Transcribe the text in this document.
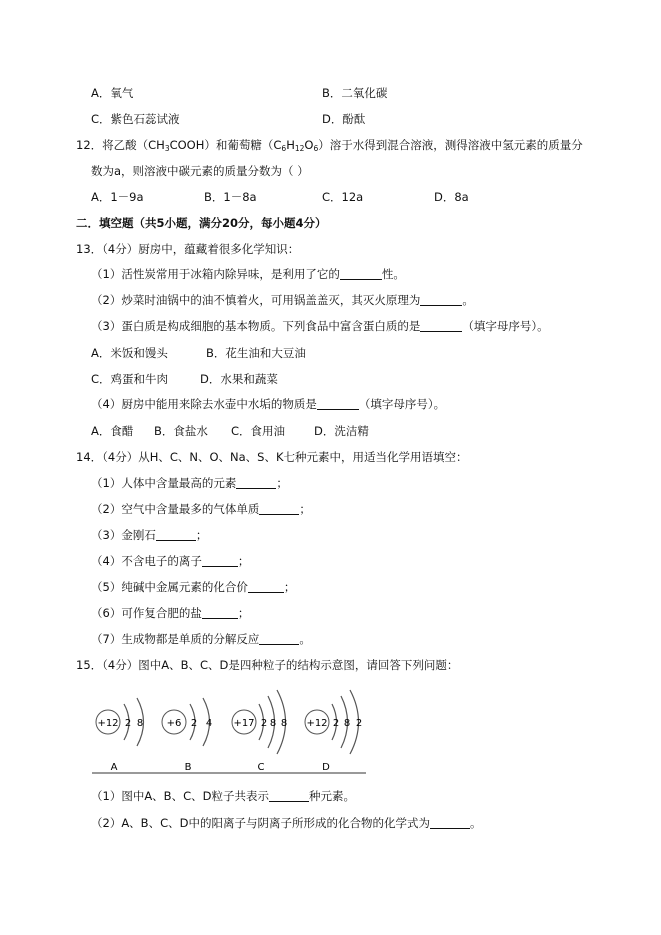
A．氧气	B．二氧化碳
C．紫色石蕊试液	D．酚酞
12．将乙酸$(CH_3COOH)$和葡萄糖$(C_6H_{12}O_6)$溶于水得到混合溶液，测得溶液中氢元素的质量分
数为a，则溶液中碳元素的质量分数为（ ）
A．1－9a	B．1－8a	C．12a	D．8a
二．填空题（共5小题，满分20分，每小题4分）
13．（4分）厨房中，蕴藏着很多化学知识：
（1）活性炭常用于冰箱内除异味，是利用了它的	性。
（2）炒菜时油锅中的油不慎着火，可用锅盖盖灭，其灭火原理为	。
（3）蛋白质是构成细胞的基本物质。下列食品中富含蛋白质的是	（填字母序号）。
A．米饭和馒头	B．花生油和大豆油
C．鸡蛋和牛肉	D．水果和蔬菜
（4）厨房中能用来除去水壶中水垢的物质是	（填字母序号）。
A．食醋 B．食盐水 C．食用油	D．洗洁精
14．（4分）从H、C、N、O、Na、S、K七种元素中，用适当化学用语填空：
（1）人体中含量最高的元素	；
（2）空气中含量最多的气体单质	；
（3）金刚石	；
（4）不含电子的离子	；
（5）纯碱中金属元素的化合价	；
（6）可作复合肥的盐	；
（7）生成物都是单质的分解反应	。
15．（4分）图中A、B、C、D是四种粒子的结构示意图，请回答下列问题：
+12 2 8
A
+6 2 4
B
+17 2 8 8
C
+12 2 8 2
D
（1）图中A、B、C、D粒子共表示	种元素。
（2）A、B、C、D中的阳离子与阴离子所形成的化合物的化学式为	。
